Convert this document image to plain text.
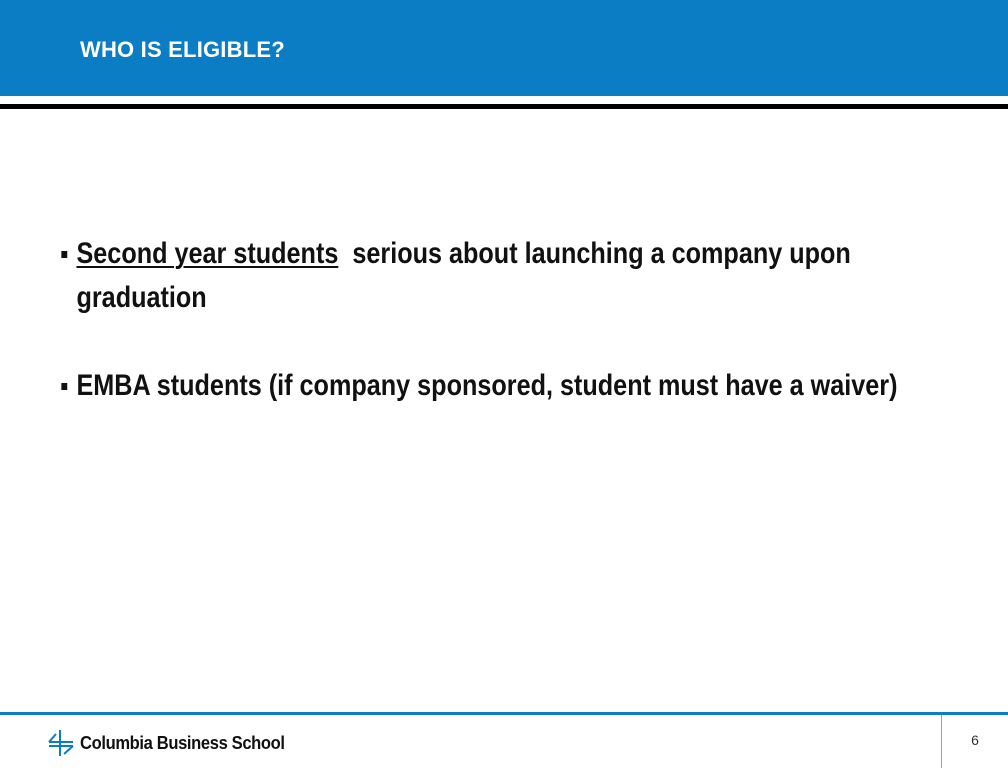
WHO IS ELIGIBLE?
Second year students  serious about launching a company upon graduation
EMBA students (if company sponsored, student must have a waiver)
Columbia Business School	6
